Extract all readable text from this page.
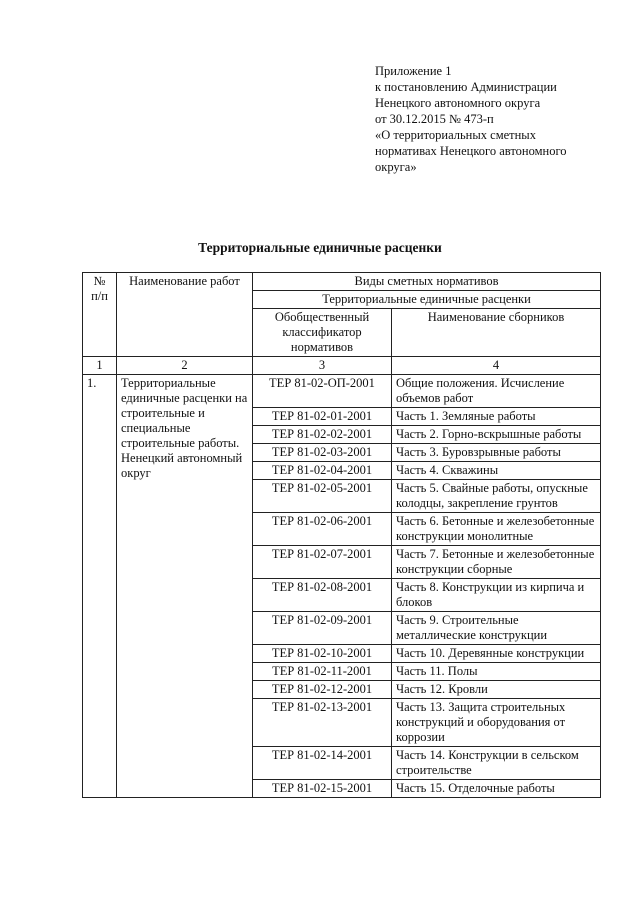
Приложение 1
к постановлению Администрации
Ненецкого автономного округа
от 30.12.2015 № 473-п
«О территориальных сметных
нормативах Ненецкого автономного
округа»
Территориальные единичные расценки
№ п/п	Наименование работ	Виды сметных нормативов	
		Территориальные единичные расценки	
		Обобщественный классификатор нормативов	Наименование сборников
1	2	3	4
1.	Территориальные единичные расценки на строительные и специальные строительные работы. Ненецкий автономный округ	ТЕР 81-02-ОП-2001	Общие положения. Исчисление объемов работ
		ТЕР 81-02-01-2001	Часть 1. Земляные работы
		ТЕР 81-02-02-2001	Часть 2. Горно-вскрышные работы
		ТЕР 81-02-03-2001	Часть 3. Буровзрывные работы
		ТЕР 81-02-04-2001	Часть 4. Скважины
		ТЕР 81-02-05-2001	Часть 5. Свайные работы, опускные колодцы, закрепление грунтов
		ТЕР 81-02-06-2001	Часть 6. Бетонные и железобетонные конструкции монолитные
		ТЕР 81-02-07-2001	Часть 7. Бетонные и железобетонные конструкции сборные
		ТЕР 81-02-08-2001	Часть 8. Конструкции из кирпича и блоков
		ТЕР 81-02-09-2001	Часть 9. Строительные металлические конструкции
		ТЕР 81-02-10-2001	Часть 10. Деревянные конструкции
		ТЕР 81-02-11-2001	Часть 11. Полы
		ТЕР 81-02-12-2001	Часть 12. Кровли
		ТЕР 81-02-13-2001	Часть 13. Защита строительных конструкций и оборудования от коррозии
		ТЕР 81-02-14-2001	Часть 14. Конструкции в сельском строительстве
		ТЕР 81-02-15-2001	Часть 15. Отделочные работы
